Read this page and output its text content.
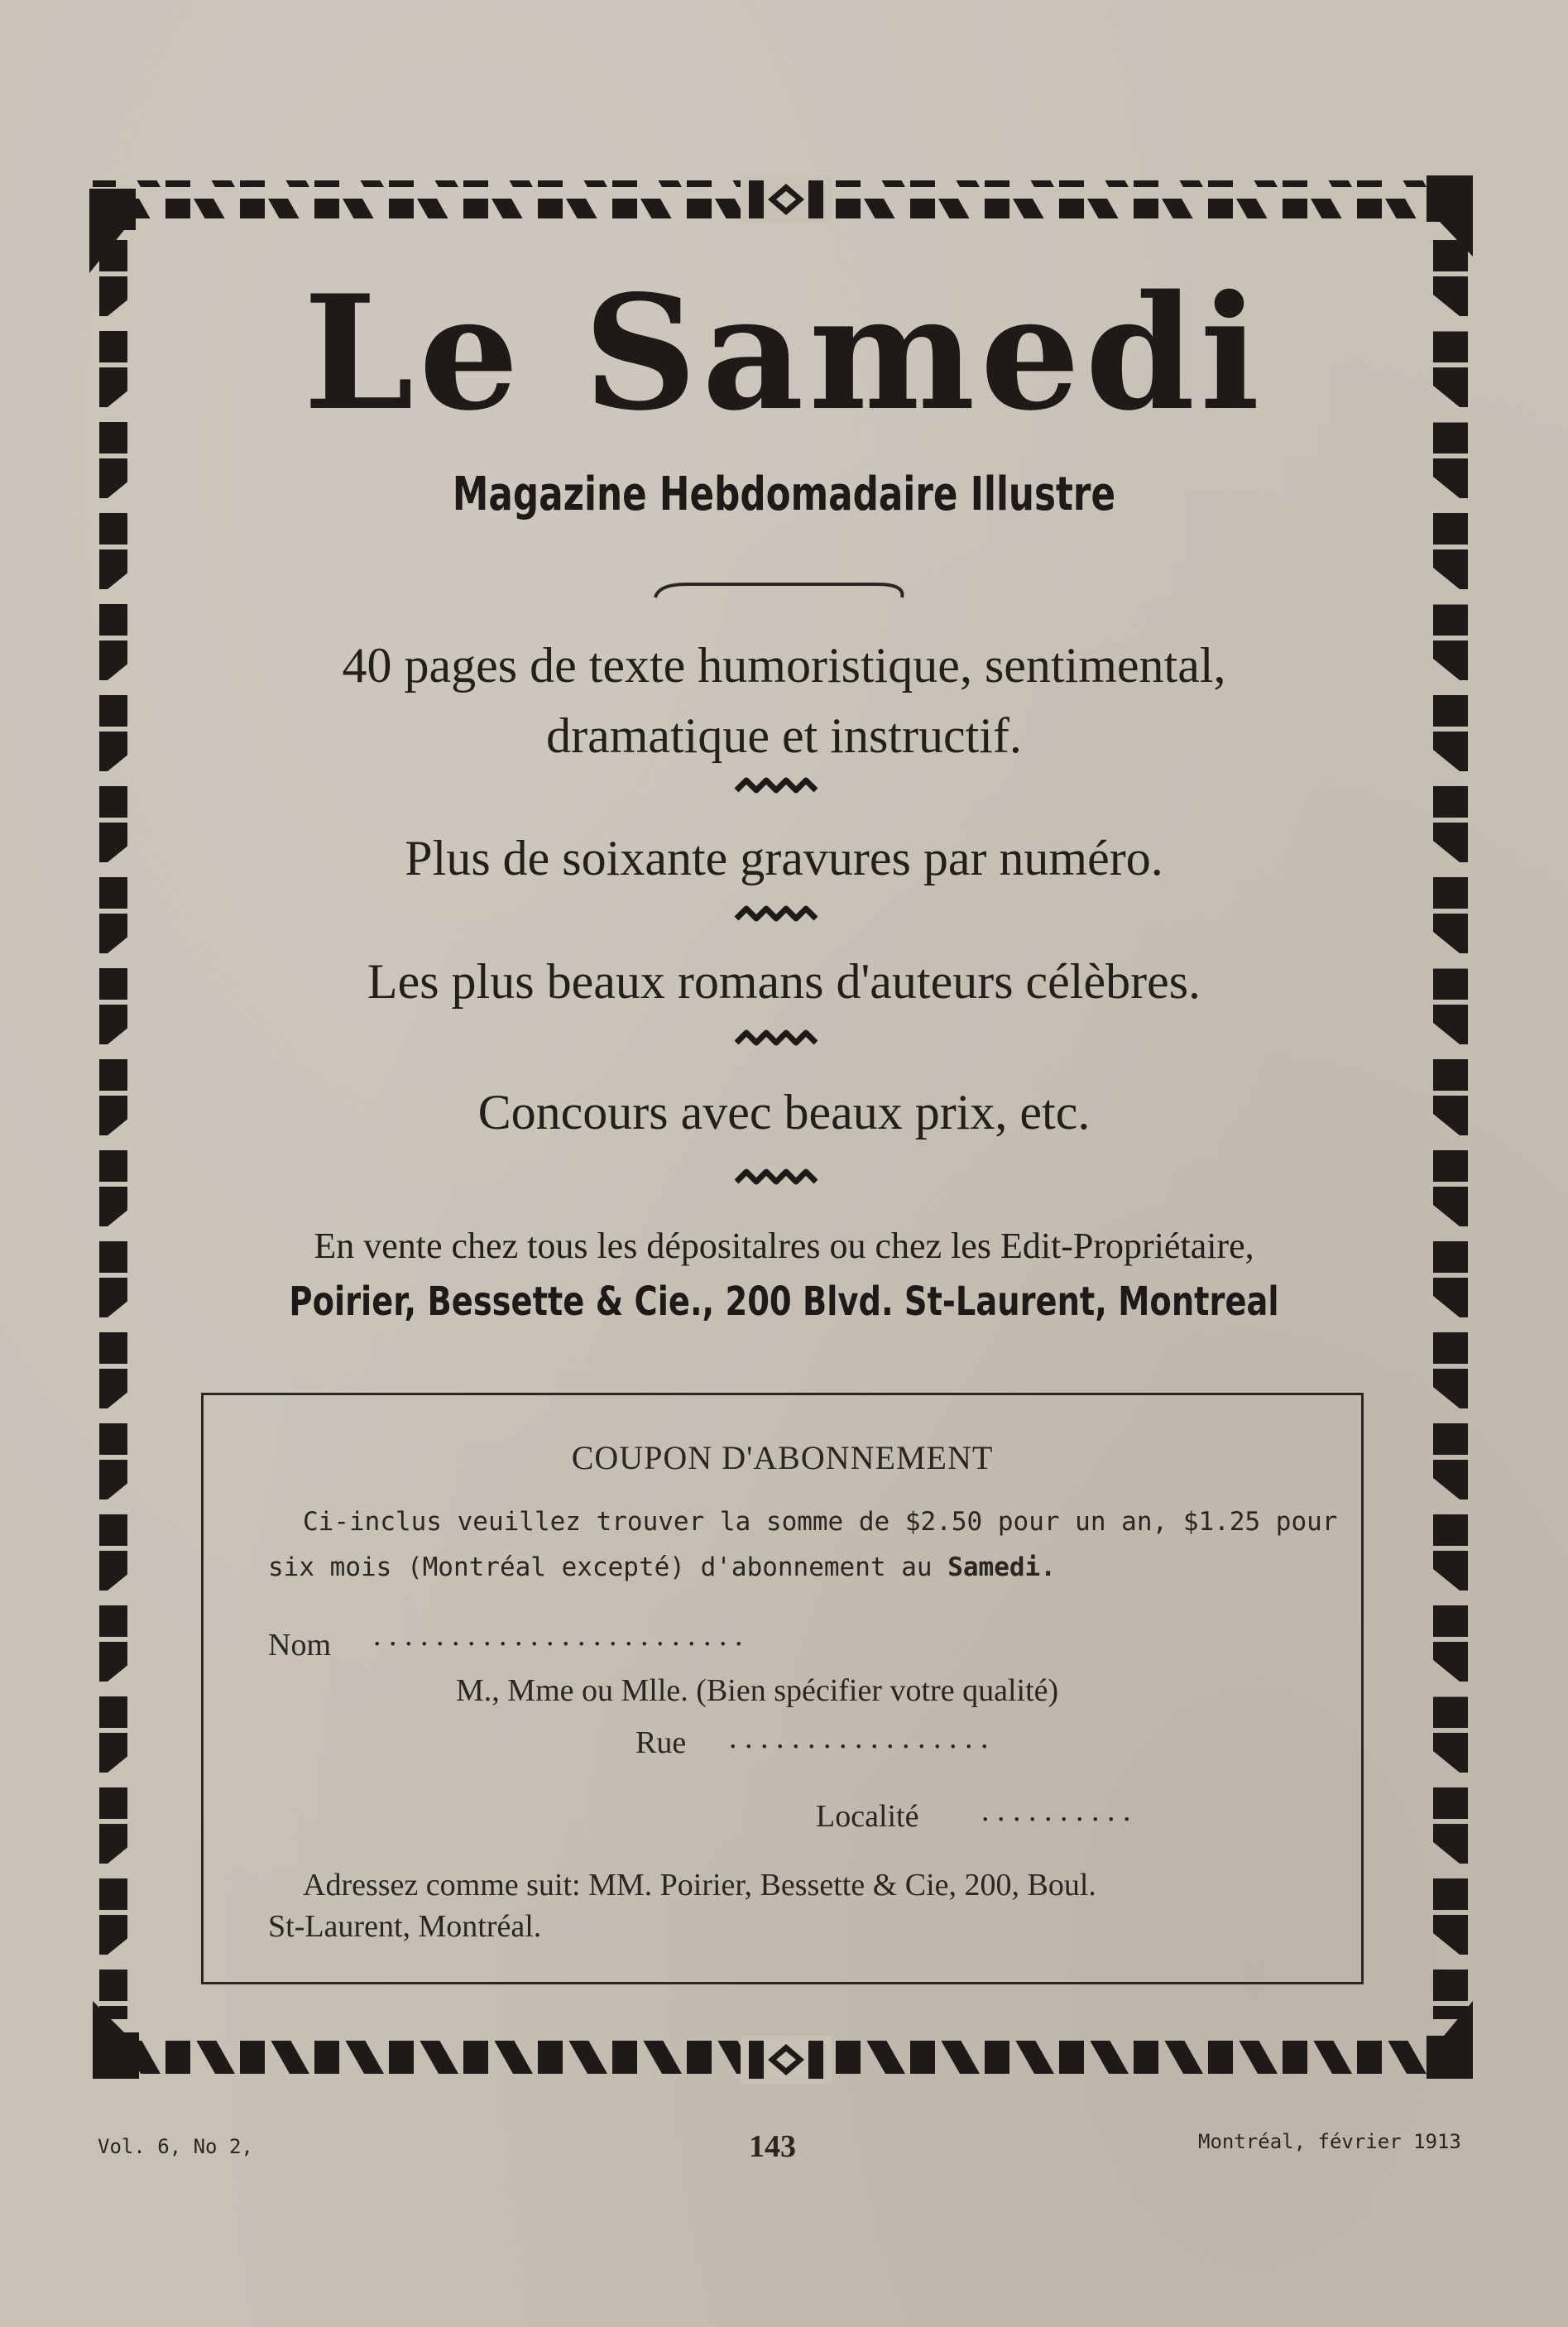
Le Samedi
Magazine Hebdomadaire Illustre
40 pages de texte humoristique, sentimental,
dramatique et instructif.
Plus de soixante gravures par numéro.
Les plus beaux romans d'auteurs célèbres.
Concours avec beaux prix, etc.
En vente chez tous les dépositalres ou chez les Edit-Propriétaire,
Poirier, Bessette & Cie., 200 Blvd. St-Laurent, Montreal
COUPON D'ABONNEMENT
Ci-inclus veuillez trouver la somme de $2.50 pour un an, $1.25 pour
six mois (Montréal excepté) d'abonnement au Samedi.
Nom . . . . . . . . . . . . . . . . . . . . . . . .
M., Mme ou Mlle. (Bien spécifier votre qualité)
Rue . . . . . . . . . . . . . . . . .
Localité . . . . . . . . . .
Adressez comme suit: MM. Poirier, Bessette & Cie, 200, Boul.
St-Laurent, Montréal.
Vol. 6, No 2,	143	Montréal, février 1913
